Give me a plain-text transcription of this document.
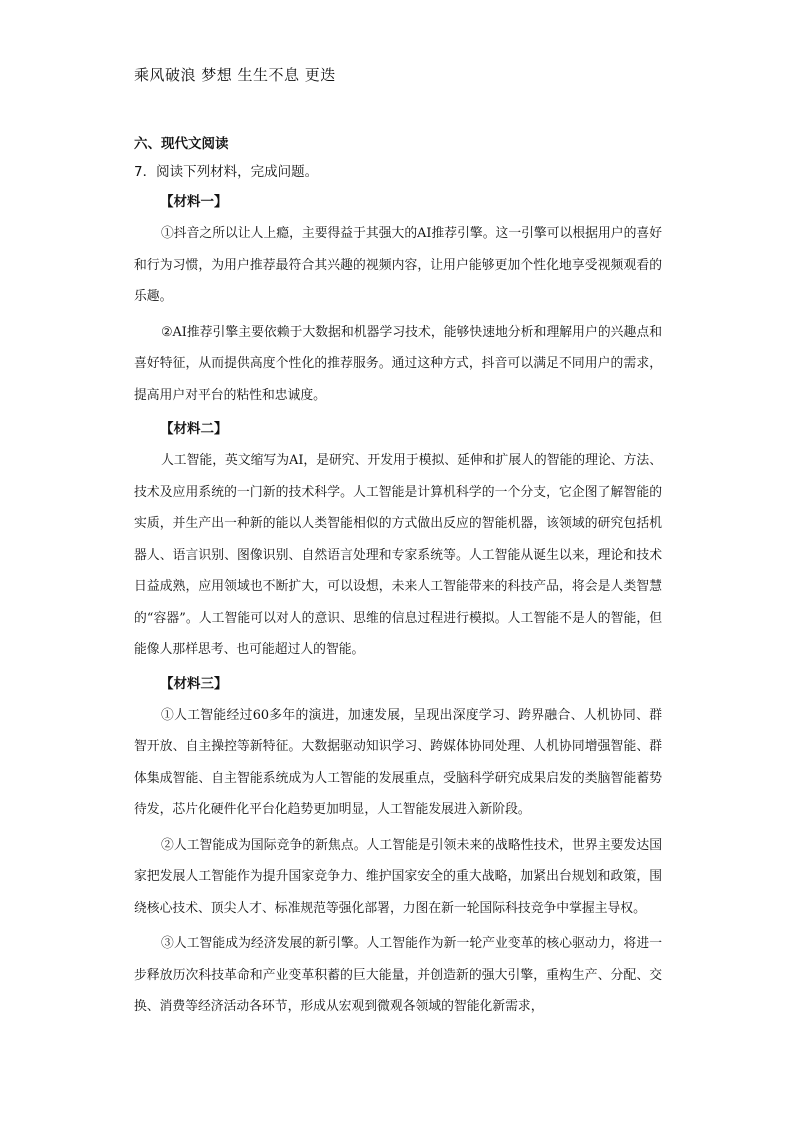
乘风破浪 梦想 生生不息 更迭
六、现代文阅读
7．阅读下列材料，完成问题。
【材料一】

①抖音之所以让人上瘾，主要得益于其强大的AI推荐引擎。这一引擎可以根据用户的喜好和行为习惯，为用户推荐最符合其兴趣的视频内容，让用户能够更加个性化地享受视频观看的乐趣。

②AI推荐引擎主要依赖于大数据和机器学习技术，能够快速地分析和理解用户的兴趣点和喜好特征，从而提供高度个性化的推荐服务。通过这种方式，抖音可以满足不同用户的需求，提高用户对平台的粘性和忠诚度。

【材料二】

人工智能，英文缩写为AI，是研究、开发用于模拟、延伸和扩展人的智能的理论、方法、技术及应用系统的一门新的技术科学。人工智能是计算机科学的一个分支，它企图了解智能的实质，并生产出一种新的能以人类智能相似的方式做出反应的智能机器，该领域的研究包括机器人、语言识别、图像识别、自然语言处理和专家系统等。人工智能从诞生以来，理论和技术日益成熟，应用领域也不断扩大，可以设想，未来人工智能带来的科技产品，将会是人类智慧的“容器”。人工智能可以对人的意识、思维的信息过程进行模拟。人工智能不是人的智能，但能像人那样思考、也可能超过人的智能。

【材料三】

①人工智能经过60多年的演进，加速发展，呈现出深度学习、跨界融合、人机协同、群智开放、自主操控等新特征。大数据驱动知识学习、跨媒体协同处理、人机协同增强智能、群体集成智能、自主智能系统成为人工智能的发展重点，受脑科学研究成果启发的类脑智能蓄势待发，芯片化硬件化平台化趋势更加明显，人工智能发展进入新阶段。

②人工智能成为国际竞争的新焦点。人工智能是引领未来的战略性技术，世界主要发达国家把发展人工智能作为提升国家竞争力、维护国家安全的重大战略，加紧出台规划和政策，围绕核心技术、顶尖人才、标准规范等强化部署，力图在新一轮国际科技竞争中掌握主导权。

③人工智能成为经济发展的新引擎。人工智能作为新一轮产业变革的核心驱动力，将进一步释放历次科技革命和产业变革积蓄的巨大能量，并创造新的强大引擎，重构生产、分配、交换、消费等经济活动各环节，形成从宏观到微观各领域的智能化新需求，
